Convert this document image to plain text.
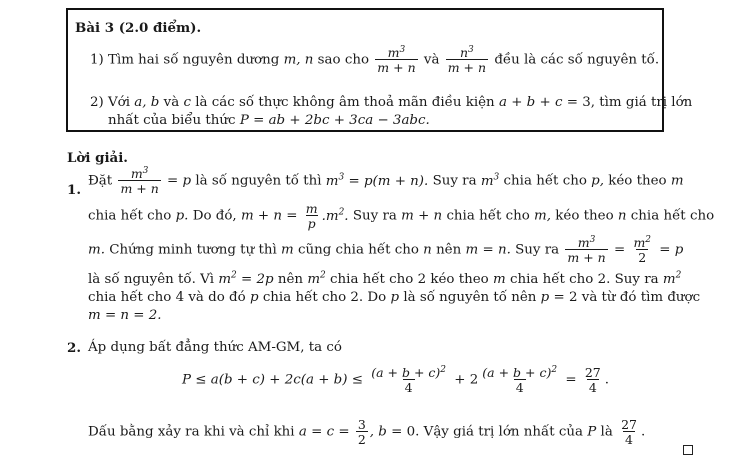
Bài 3 (2.0 điểm).
1) Tìm hai số nguyên dương m, n sao cho $\frac{m^3}{m + n}$ và $\frac{n^3}{m + n}$ đều là các số nguyên tố.
2) Với a, b và c là các số thực không âm thoả mãn điều kiện a + b + c = 3, tìm giá trị lớn
nhất của biểu thức P = ab + 2bc + 3ca − 3abc.
Lời giải.
1.
Đặt $\frac{m^3}{m + n} = p$ là số nguyên tố thì $m^3 = p(m + n)$. Suy ra $m^3$ chia hết cho p, kéo theo m
chia hết cho p. Do đó, $m + n = \frac{m}{p} .m^2$. Suy ra m + n chia hết cho m, kéo theo n chia hết cho
m. Chứng minh tương tự thì m cũng chia hết cho n nên m = n. Suy ra $\frac{m^3}{m + n} = \frac{m^2}{2} = p$
là số nguyên tố. Vì $m^2 = 2p$ nên $m^2$ chia hết cho 2 kéo theo m chia hết cho 2. Suy ra $m^2$
chia hết cho 4 và do đó p chia hết cho 2. Do p là số nguyên tố nên p = 2 và từ đó tìm được
m = n = 2.
2. Áp dụng bất đẳng thức AM-GM, ta có
$P \le a(b + c) + 2c(a + b) \le \frac{(a + b + c)^2}{4} + 2 \frac{(a + b + c)^2}{4} = \frac{27}{4}$ .
Dấu bằng xảy ra khi và chỉ khi $a = c = \frac{3}{2}$ , b = 0. Vậy giá trị lớn nhất của P là $\frac{27}{4}$ .
